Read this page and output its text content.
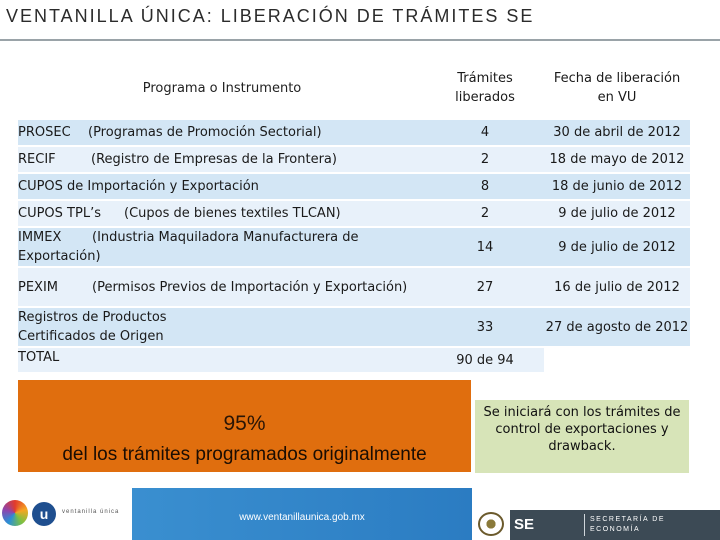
VENTANILLA ÚNICA: LIBERACIÓN DE TRÁMITES SE
Programa o Instrumento	Trámites liberados	Fecha de liberación en VU
PROSEC (Programas de Promoción Sectorial)	4	30 de abril de 2012
RECIF (Registro de Empresas de la Frontera)	2	18 de mayo de 2012
CUPOS de Importación y Exportación	8	18 de junio de 2012
CUPOS TPL’s (Cupos de bienes textiles TLCAN)	2	9 de julio de 2012
IMMEX (Industria Maquiladora Manufacturera de Exportación)	14	9 de julio de 2012
PEXIM (Permisos Previos de Importación y Exportación)	27	16 de julio de 2012
Registros de Productos Certificados de Origen	33	27 de agosto de 2012
TOTAL	90 de 94	
95%
del los trámites programados originalmente
Se iniciará con los trámites de control de exportaciones y drawback.
u	ventanilla única	www.ventanillaunica.gob.mx	SE	SECRETARÍA DE ECONOMÍA
